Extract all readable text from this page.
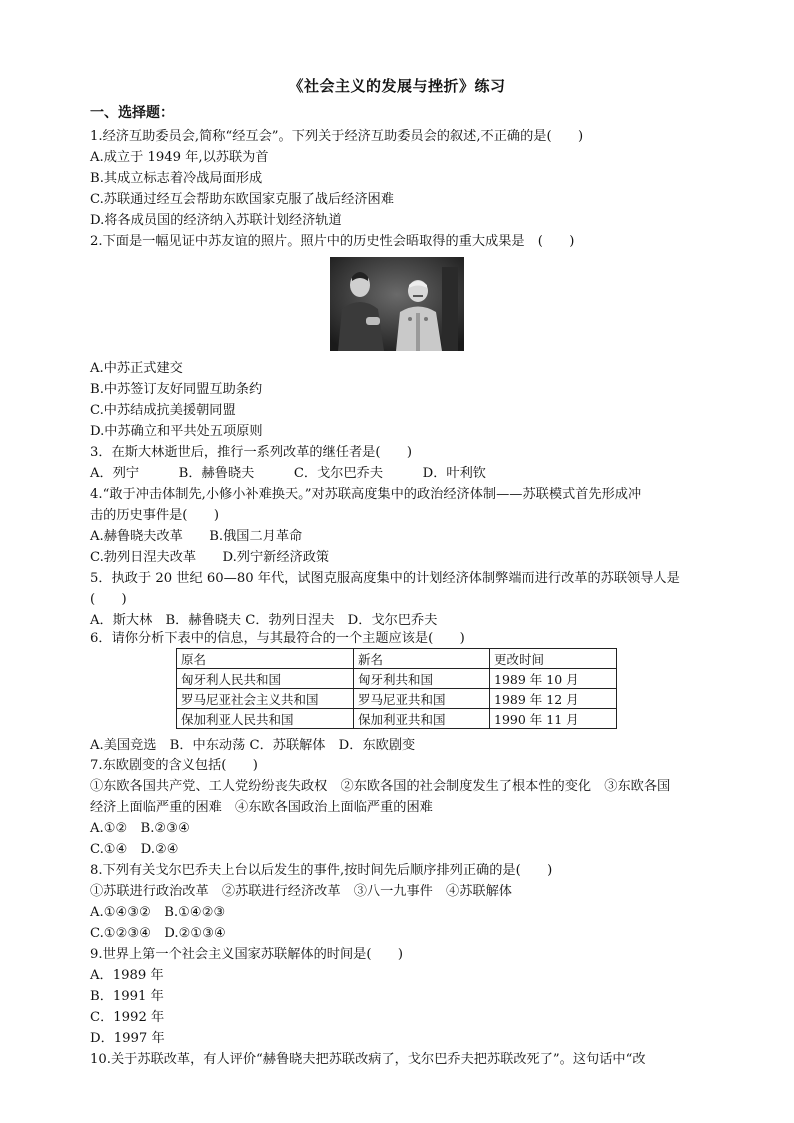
《社会主义的发展与挫折》练习
一、选择题：
1.经济互助委员会,简称“经互会”。下列关于经济互助委员会的叙述,不正确的是(　　)
A.成立于 1949 年,以苏联为首
B.其成立标志着冷战局面形成
C.苏联通过经互会帮助东欧国家克服了战后经济困难
D.将各成员国的经济纳入苏联计划经济轨道
2.下面是一幅见证中苏友谊的照片。照片中的历史性会晤取得的重大成果是　(　　)
A.中苏正式建交
B.中苏签订友好同盟互助条约
C.中苏结成抗美援朝同盟
D.中苏确立和平共处五项原则
3．在斯大林逝世后，推行一系列改革的继任者是(　　)
A．列宁　　　B．赫鲁晓夫　　　C．戈尔巴乔夫　　　D．叶利钦
4.“敢于冲击体制先,小修小补难换天。”对苏联高度集中的政治经济体制——苏联模式首先形成冲
击的历史事件是(　　)
A.赫鲁晓夫改革　　B.俄国二月革命
C.勃列日涅夫改革　　D.列宁新经济政策
5．执政于 20 世纪 60—80 年代，试图克服高度集中的计划经济体制弊端而进行改革的苏联领导人是
(　　)
A．斯大林　B．赫鲁晓夫 C．勃列日涅夫　D．戈尔巴乔夫
6．请你分析下表中的信息，与其最符合的一个主题应该是(　　)
原名	新名	更改时间
匈牙利人民共和国	匈牙利共和国	1989 年 10 月
罗马尼亚社会主义共和国	罗马尼亚共和国	1989 年 12 月
保加利亚人民共和国	保加利亚共和国	1990 年 11 月
A.美国竞选　B．中东动荡 C．苏联解体　D．东欧剧变
7.东欧剧变的含义包括(　　)
①东欧各国共产党、工人党纷纷丧失政权　②东欧各国的社会制度发生了根本性的变化　③东欧各国
经济上面临严重的困难　④东欧各国政治上面临严重的困难
A.①②　B.②③④
C.①④　D.②④
8.下列有关戈尔巴乔夫上台以后发生的事件,按时间先后顺序排列正确的是(　　)
①苏联进行政治改革　②苏联进行经济改革　③八一九事件　④苏联解体
A.①④③②　B.①④②③
C.①②③④　D.②①③④
9.世界上第一个社会主义国家苏联解体的时间是(　　)
A．1989 年
B．1991 年
C．1992 年
D．1997 年
10.关于苏联改革，有人评价“赫鲁晓夫把苏联改病了，戈尔巴乔夫把苏联改死了”。这句话中“改
